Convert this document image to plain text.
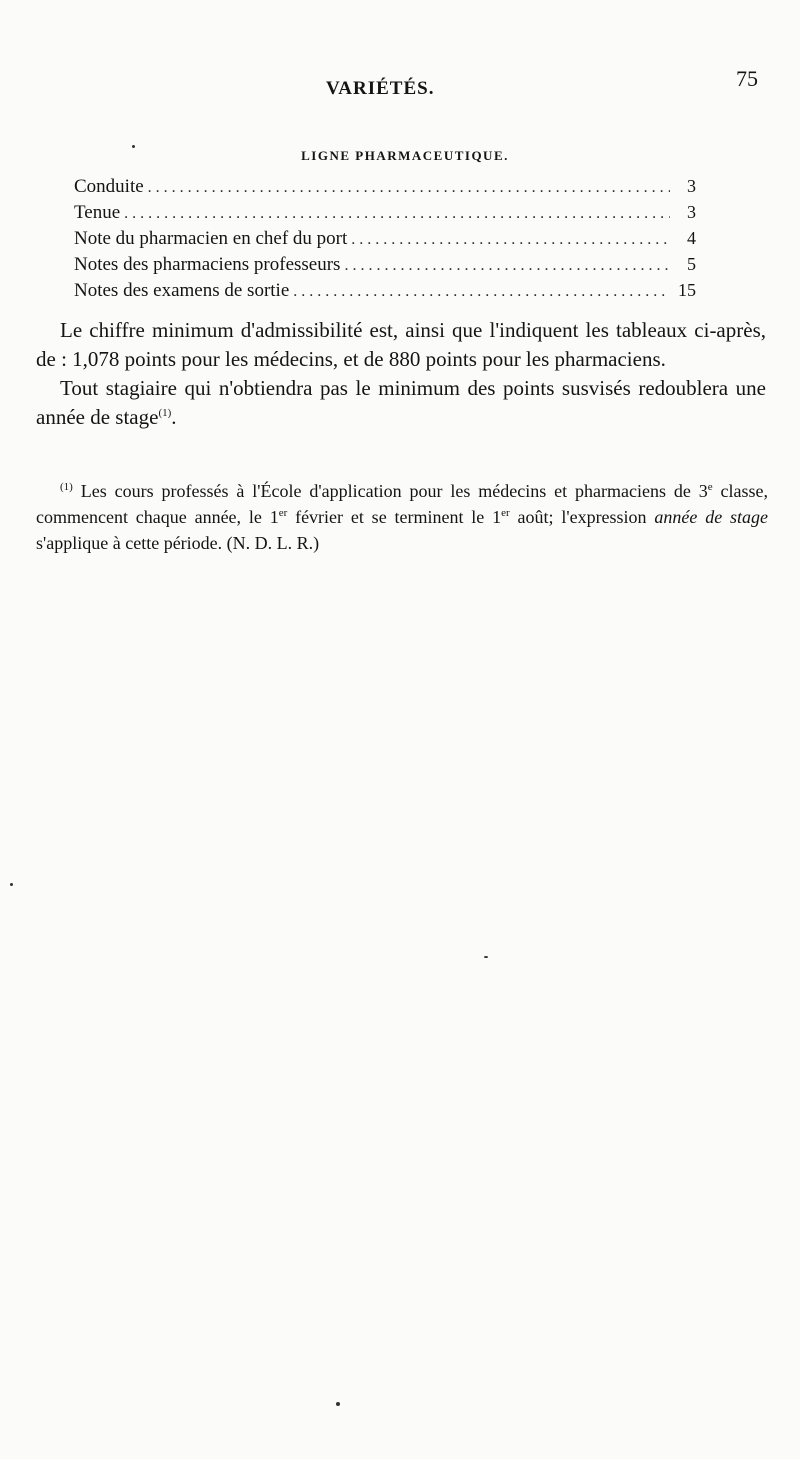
VARIÉTÉS.	75
LIGNE PHARMACEUTIQUE.
Conduite .....	3
Tenue .....	3
Note du pharmacien en chef du port .....	4
Notes des pharmaciens professeurs .....	5
Notes des examens de sortie .....	15

Le chiffre minimum d'admissibilité est, ainsi que l'indiquent les tableaux ci-après, de : 1,078 points pour les médecins, et de 880 points pour les pharmaciens.

Tout stagiaire qui n'obtiendra pas le minimum des points susvisés redoublera une année de stage$^{(1)}$.

$^{(1)}$ Les cours professés à l'École d'application pour les médecins et pharmaciens de 3e classe, commencent chaque année, le 1er février et se terminent le 1er août; l'expression année de stage s'applique à cette période. (N. D. L. R.)
